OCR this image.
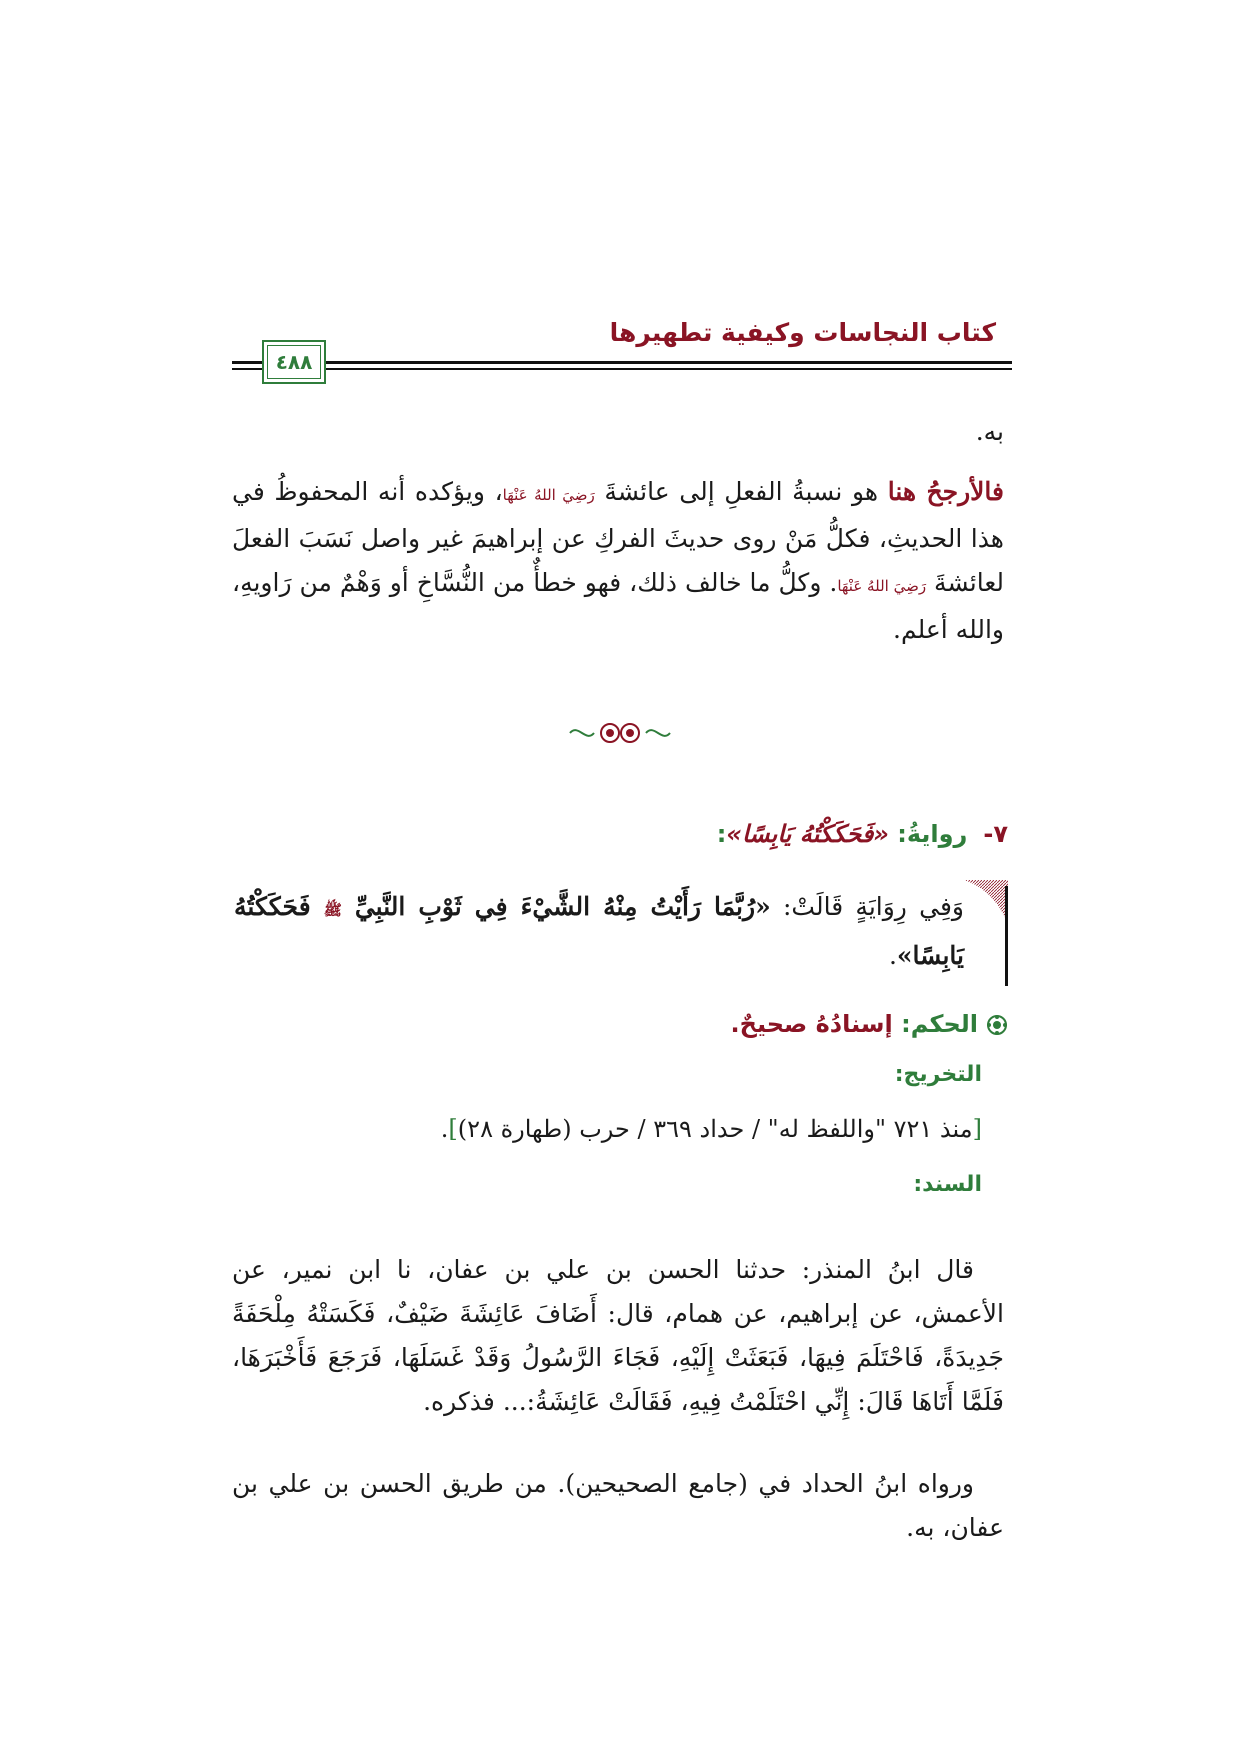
كتاب النجاسات وكيفية تطهيرها
٤٨٨
به.
فالأرجحُ هنا هو نسبةُ الفعلِ إلى عائشةَ رَضِيَ اللهُ عَنْهَا، ويؤكده أنه المحفوظُ في هذا الحديثِ، فكلُّ مَنْ روى حديثَ الفركِ عن إبراهيمَ غير واصل نَسَبَ الفعلَ لعائشةَ رَضِيَ اللهُ عَنْهَا. وكلُّ ما خالف ذلك، فهو خطأٌ من النُّسَّاخِ أو وَهْمٌ من رَاويهِ، والله أعلم.
٧-روايةُ: «فَحَكَكْتُهُ يَابِسًا»:
وَفِي رِوَايَةٍ قَالَتْ: «رُبَّمَا رَأَيْتُ مِنْهُ الشَّيْءَ فِي ثَوْبِ النَّبِيِّ ﷺ فَحَكَكْتُهُ يَابِسًا».
الحكم: إسنادُهُ صحيحٌ.
التخريج:
[منذ ٧٢١ "واللفظ له" / حداد ٣٦٩ / حرب (طهارة ٢٨)].
السند:
قال ابنُ المنذر: حدثنا الحسن بن علي بن عفان، نا ابن نمير، عن الأعمش، عن إبراهيم، عن همام، قال: أَضَافَ عَائِشَةَ ضَيْفٌ، فَكَسَتْهُ مِلْحَفَةً جَدِيدَةً، فَاحْتَلَمَ فِيهَا، فَبَعَثَتْ إِلَيْهِ، فَجَاءَ الرَّسُولُ وَقَدْ غَسَلَهَا، فَرَجَعَ فَأَخْبَرَهَا، فَلَمَّا أَتَاهَا قَالَ: إِنِّي احْتَلَمْتُ فِيهِ، فَقَالَتْ عَائِشَةُ:... فذكره.
ورواه ابنُ الحداد في (جامع الصحيحين). من طريق الحسن بن علي بن عفان، به.
